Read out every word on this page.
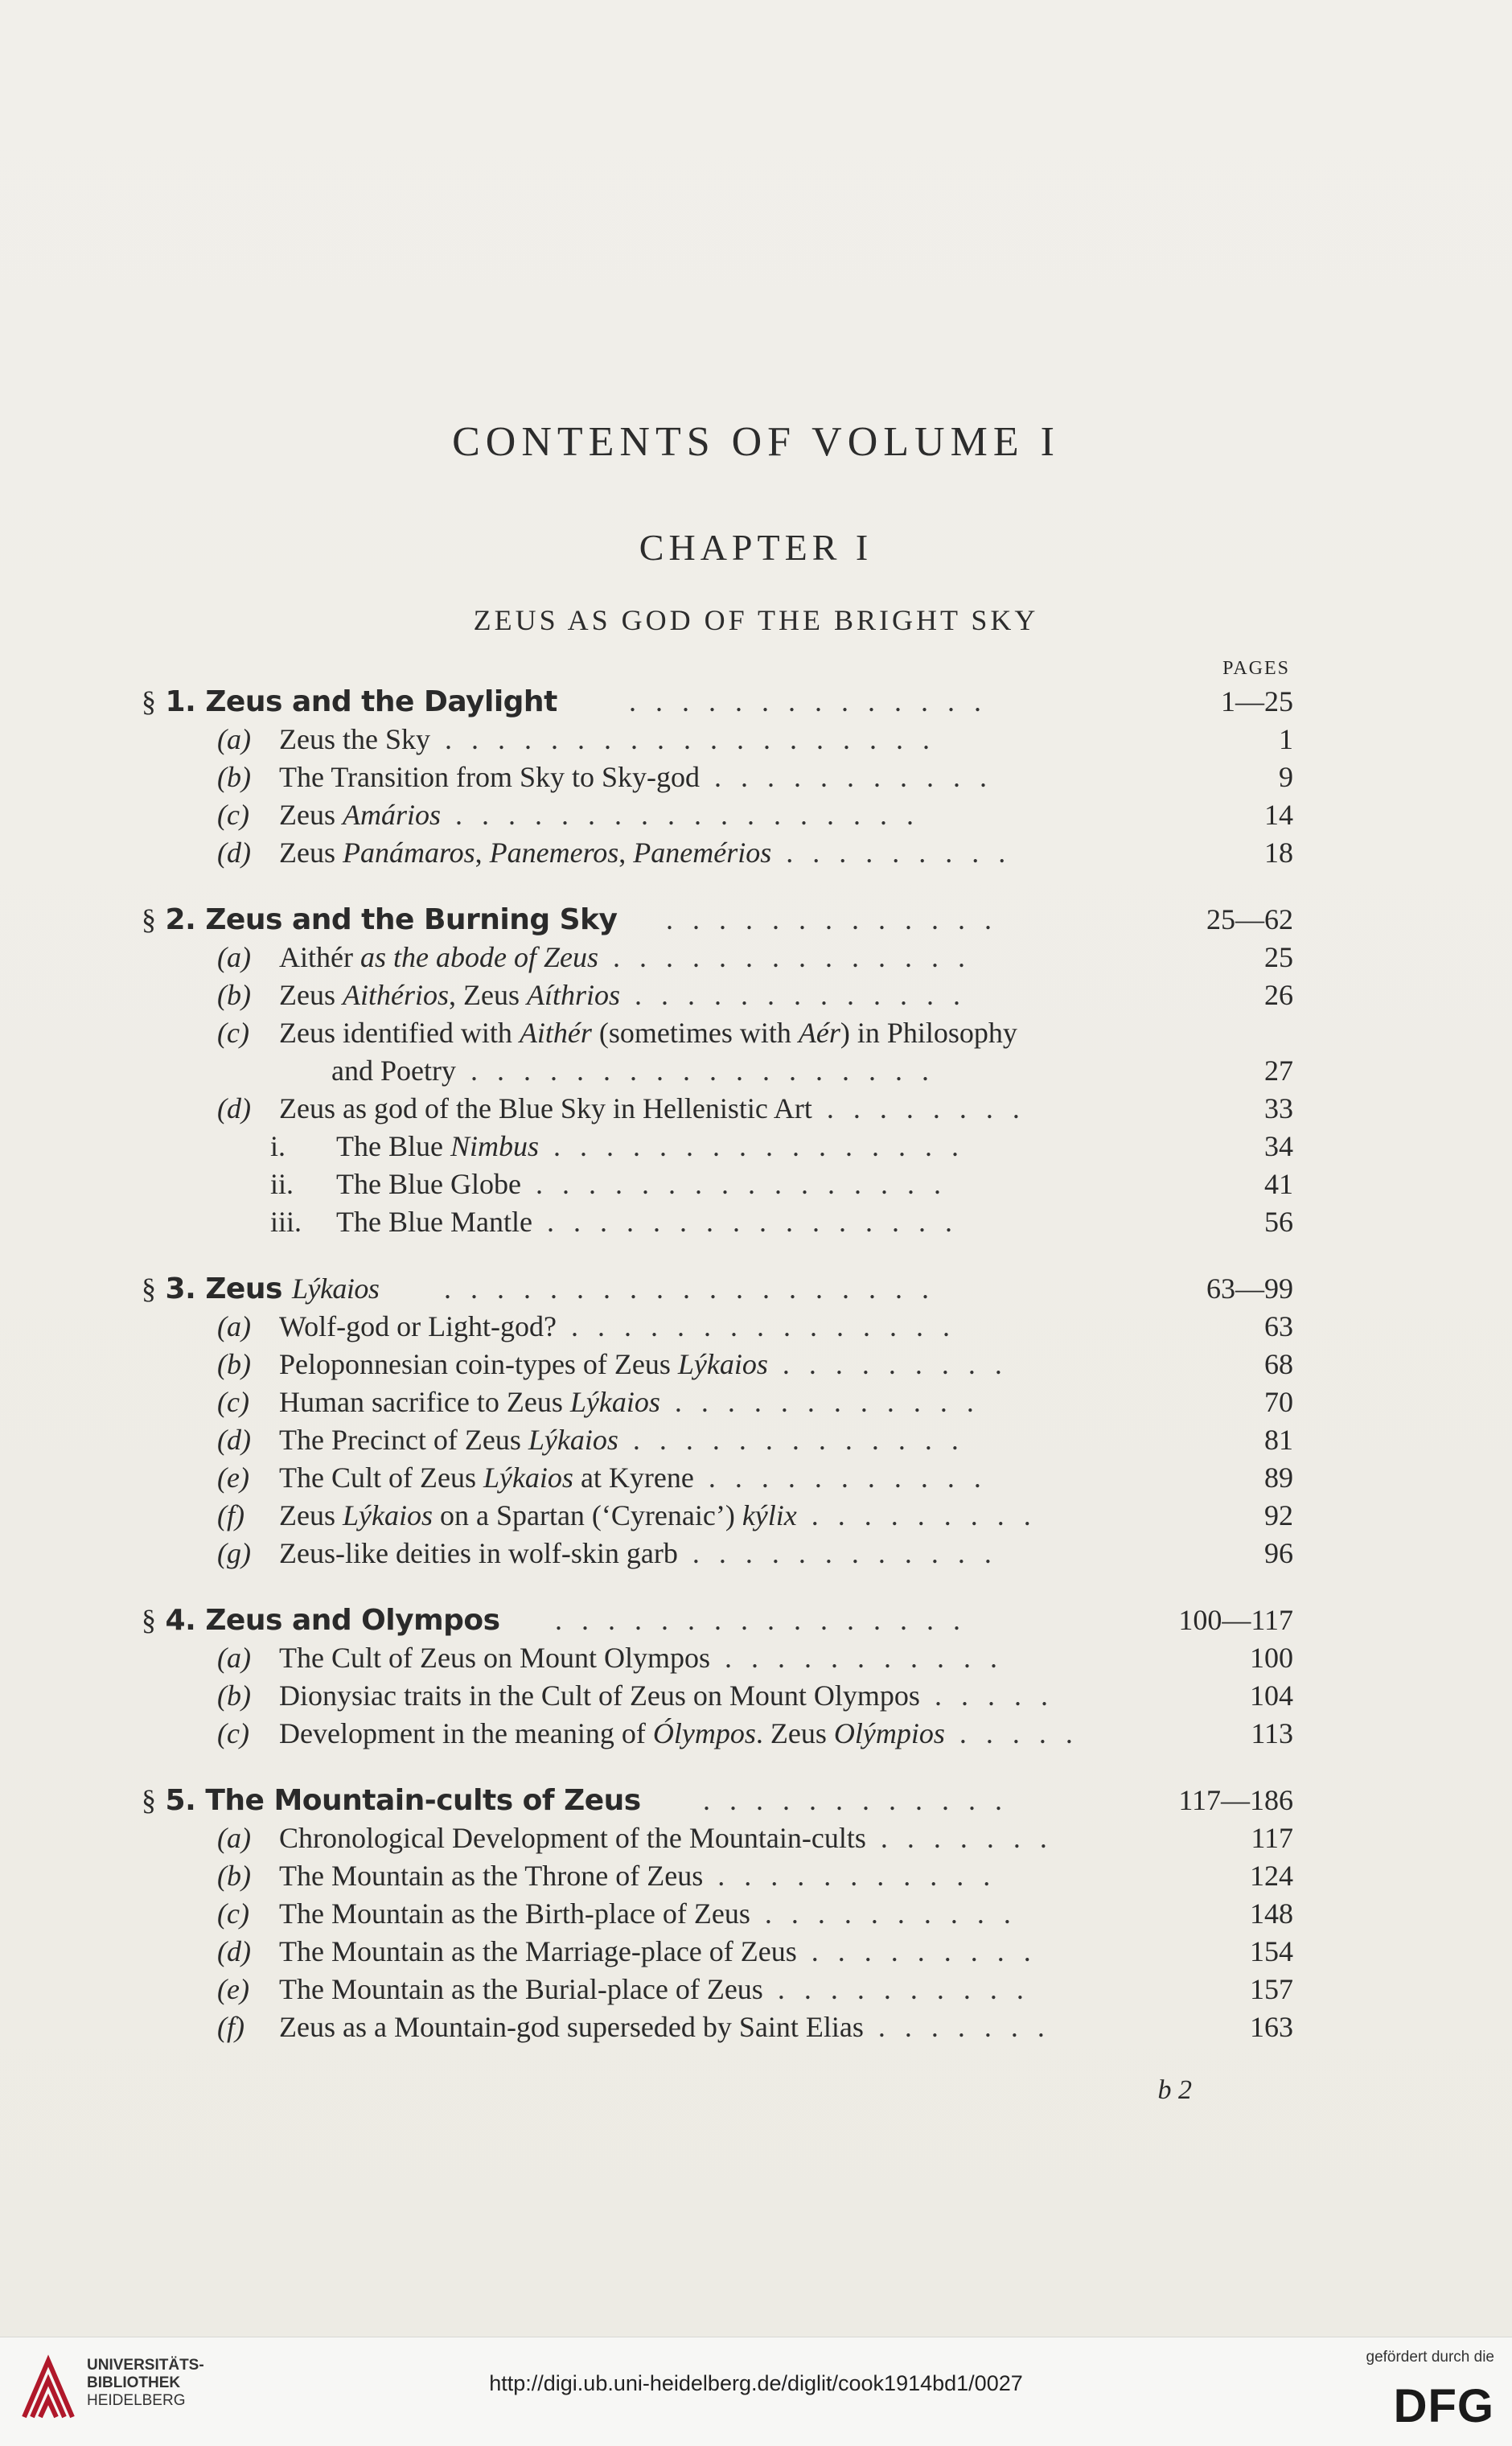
CONTENTS OF VOLUME I
CHAPTER I
ZEUS AS GOD OF THE BRIGHT SKY
PAGES
§ 1. Zeus and the Daylight	1—25
..............
(a) Zeus the Sky ...................	1
(b) The Transition from Sky to Sky-god ...........	9
(c) Zeus Amários ..................	14
(d) Zeus Panámaros, Panemeros, Panemérios .........	18
§ 2. Zeus and the Burning Sky	25—62
.............
(a) Aithér as the abode of Zeus ..............	25
(b) Zeus Aithérios, Zeus Aíthrios .............	26
(c) Zeus identified with Aithér (sometimes with Aér) in Philosophy
and Poetry ..................	27
(d) Zeus as god of the Blue Sky in Hellenistic Art ........	33
i. The Blue Nimbus ................	34
ii. The Blue Globe ................	41
iii. The Blue Mantle ................	56
§ 3. Zeus Lýkaios	63—99
...................
(a) Wolf-god or Light-god? ...............	63
(b) Peloponnesian coin-types of Zeus Lýkaios .........	68
(c) Human sacrifice to Zeus Lýkaios ............	70
(d) The Precinct of Zeus Lýkaios .............	81
(e) The Cult of Zeus Lýkaios at Kyrene ...........	89
(f) Zeus Lýkaios on a Spartan (‘Cyrenaic’) kýlix .........	92
(g) Zeus-like deities in wolf-skin garb ............	96
§ 4. Zeus and Olympos	100—117
................
(a) The Cult of Zeus on Mount Olympos ...........	100
(b) Dionysiac traits in the Cult of Zeus on Mount Olympos .....	104
(c) Development in the meaning of Ólympos. Zeus Olýmpios .....	113
§ 5. The Mountain-cults of Zeus	117—186
............
(a) Chronological Development of the Mountain-cults .......	117
(b) The Mountain as the Throne of Zeus ...........	124
(c) The Mountain as the Birth-place of Zeus ..........	148
(d) The Mountain as the Marriage-place of Zeus .........	154
(e) The Mountain as the Burial-place of Zeus ..........	157
(f) Zeus as a Mountain-god superseded by Saint Elias .......	163
b 2
UNIVERSITÄTS-
BIBLIOTHEK
HEIDELBERG
http://digi.ub.uni-heidelberg.de/diglit/cook1914bd1/0027
gefördert durch die
DFG
